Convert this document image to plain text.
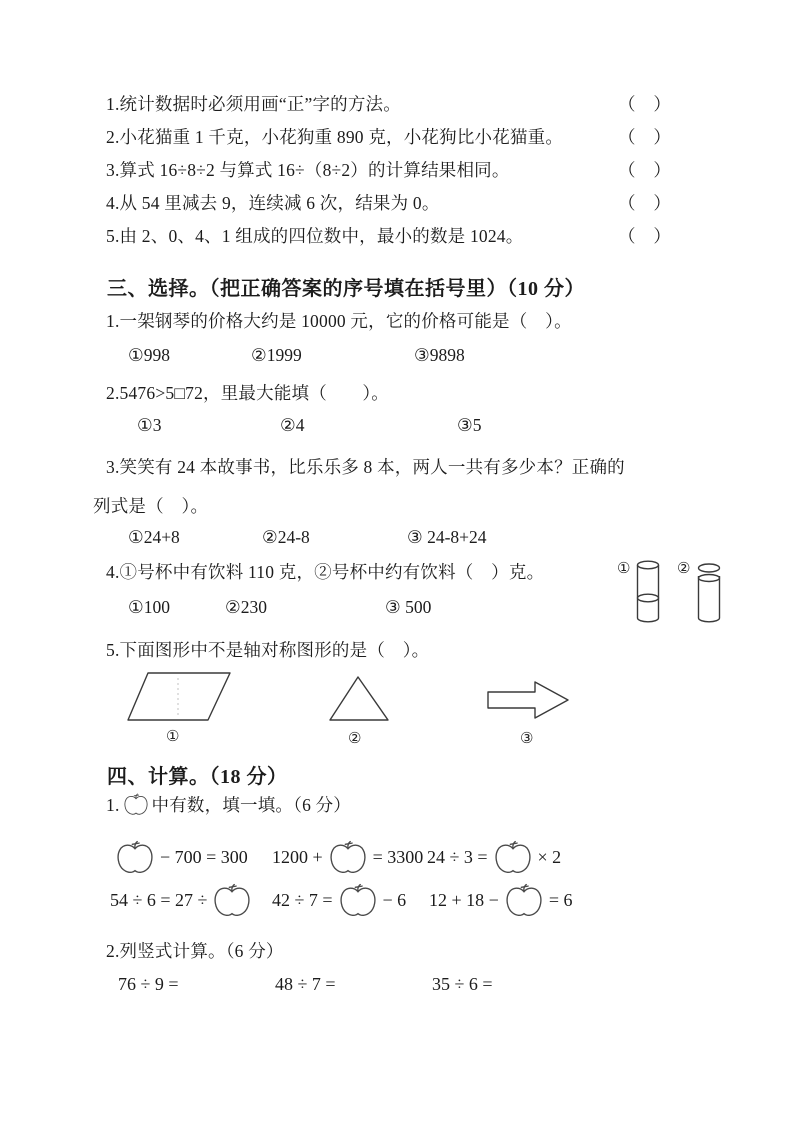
1.统计数据时必须用画“正”字的方法。	（　）
2.小花猫重 1 千克，小花狗重 890 克，小花狗比小花猫重。	（　）
3.算式 16÷8÷2 与算式 16÷（8÷2）的计算结果相同。	（　）
4.从 54 里减去 9，连续减 6 次，结果为 0。	（　）
5.由 2、0、4、1 组成的四位数中，最小的数是 1024。	（　）
三、选择。（把正确答案的序号填在括号里）（10 分）
1.一架钢琴的价格大约是 10000 元，它的价格可能是（　）。
①998	②1999	③9898
2.5476>5□72，里最大能填（　　）。
①3	②4	③5
3.笑笑有 24 本故事书，比乐乐多 8 本，两人一共有多少本？正确的
列式是（　）。
①24+8	②24-8	③ 24-8+24
4.①号杯中有饮料 110 克，②号杯中约有饮料（　）克。
①100	②230	③ 500
①	②
5.下面图形中不是轴对称图形的是（　）。
①	②	③
四、计算。（18 分）
1. 中有数，填一填。（6 分）
− 700 = 300 1200 +	= 3300 24 ÷ 3 =	× 2
54 ÷ 6 = 27 ÷	42 ÷ 7 =	− 6 12 + 18 −	= 6
2.列竖式计算。（6 分）
76 ÷ 9 =	48 ÷ 7 =	35 ÷ 6 =
